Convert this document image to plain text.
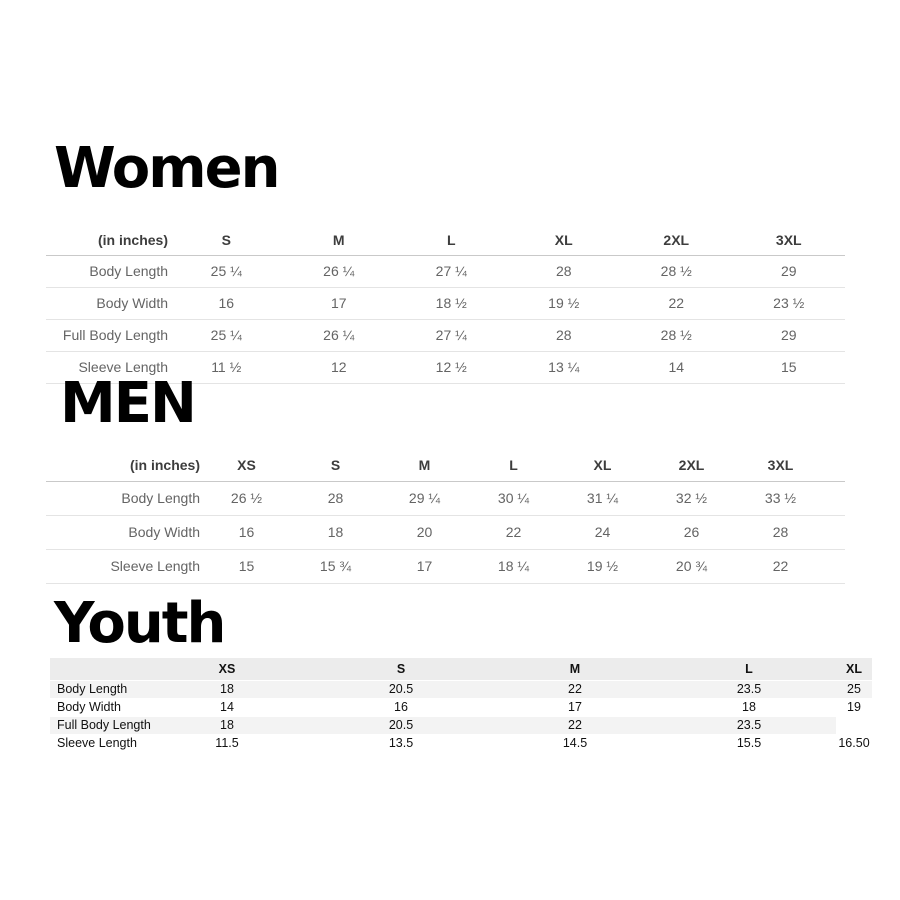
Women
(in inches)	S	M	L	XL	2XL	3XL
Body Length	25 ¼	26 ¼	27 ¼	28	28 ½	29
Body Width	16	17	18 ½	19 ½	22	23 ½
Full Body Length	25 ¼	26 ¼	27 ¼	28	28 ½	29
Sleeve Length	11 ½	12	12 ½	13 ¼	14	15
MEN
(in inches)	XS	S	M	L	XL	2XL	3XL	
Body Length	26 ½	28	29 ¼	30 ¼	31 ¼	32 ½	33 ½	
Body Width	16	18	20	22	24	26	28	
Sleeve Length	15	15 ¾	17	18 ¼	19 ½	20 ¾	22	
Youth
	XS	S	M	L	XL
Body Length	18	20.5	22	23.5	25
Body Width	14	16	17	18	19
Full Body Length	18	20.5	22	23.5	
Sleeve Length	11.5	13.5	14.5	15.5	16.50
